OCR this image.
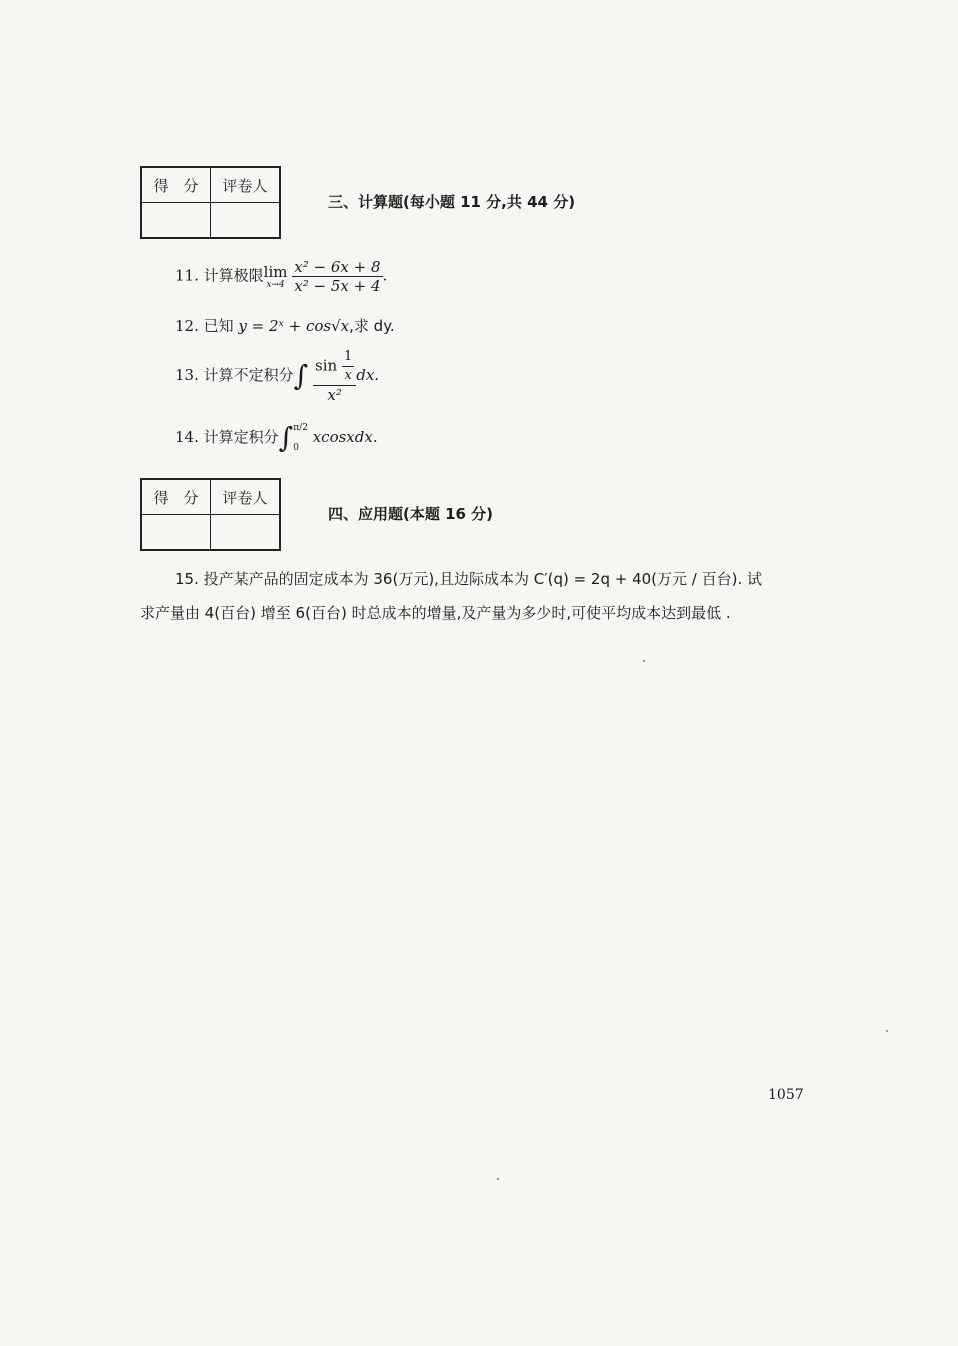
得　分	评卷人

三、计算题(每小题 11 分,共 44 分)
11. 计算极限 lim
x→4
$\frac{\text{x² − 6x + 8}}{\text{x² − 5x + 4}}$ .
12. 已知 y = 2ˣ + cos√x,求 dy.
13. 计算不定积分∫ $\frac{\sin \frac{1}{x}}{\text{x²}}$ dx.
14. 计算定积分∫ π/2
0
xcosxdx.
得　分	评卷人

四、应用题(本题 16 分)
15. 投产某产品的固定成本为 36(万元),且边际成本为 C′(q) = 2q + 40(万元 / 百台). 试
求产量由 4(百台) 增至 6(百台) 时总成本的增量,及产量为多少时,可使平均成本达到最低 .
1057
